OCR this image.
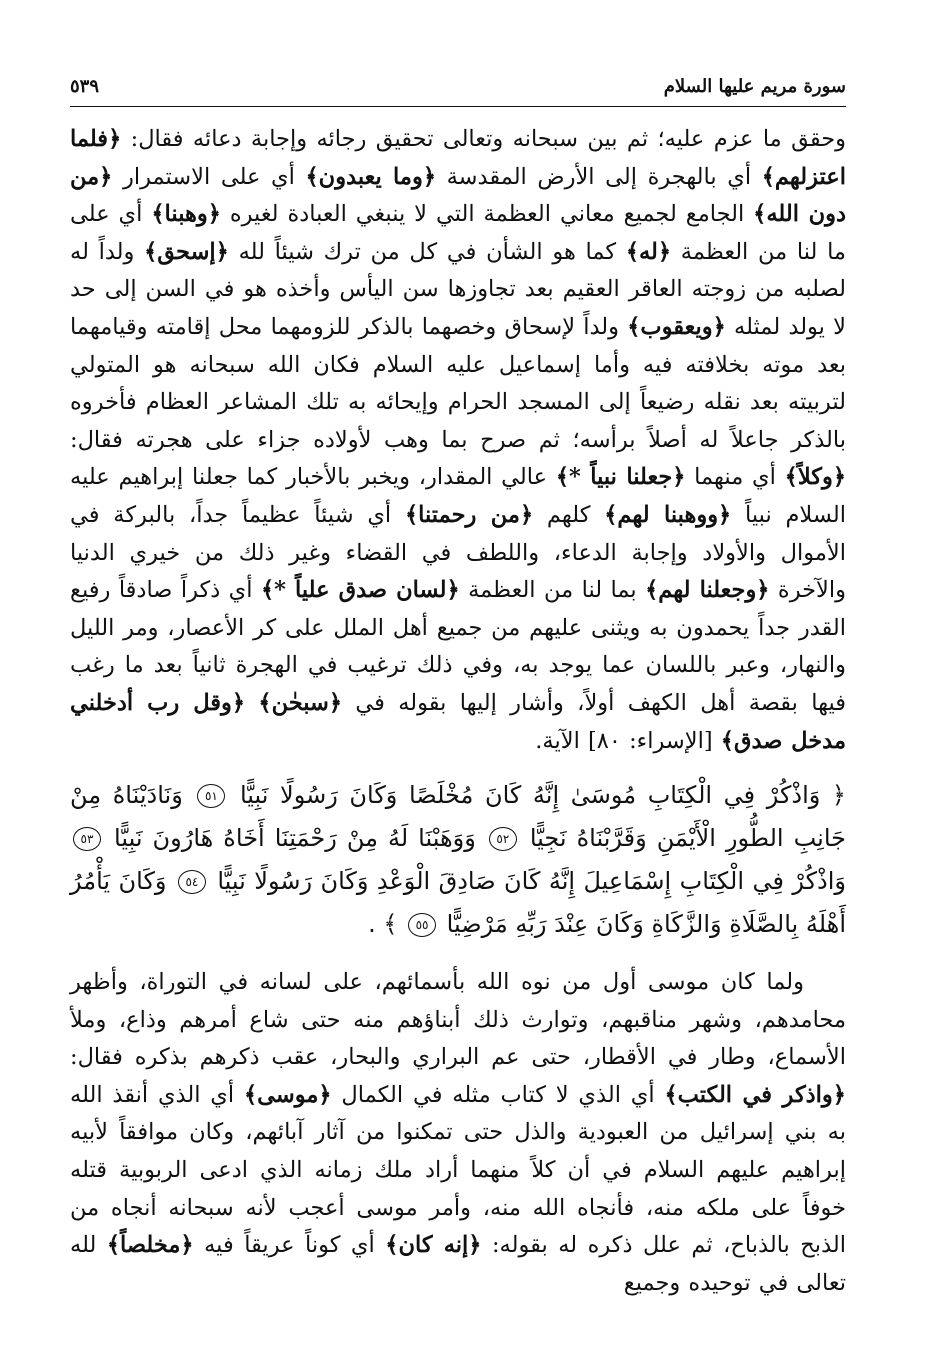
سورة مريم عليها السلام
٥٣٩

وحقق ما عزم عليه؛ ثم بين سبحانه وتعالى تحقيق رجائه وإجابة دعائه فقال: ﴿فلما اعتزلهم﴾ أي بالهجرة إلى الأرض المقدسة ﴿وما يعبدون﴾ أي على الاستمرار ﴿من دون الله﴾ الجامع لجميع معاني العظمة التي لا ينبغي العبادة لغيره ﴿وهبنا﴾ أي على ما لنا من العظمة ﴿له﴾ كما هو الشأن في كل من ترك شيئاً لله ﴿إسحق﴾ ولداً له لصلبه من زوجته العاقر العقيم بعد تجاوزها سن اليأس وأخذه هو في السن إلى حد لا يولد لمثله ﴿ويعقوب﴾ ولداً لإسحاق وخصهما بالذكر للزومهما محل إقامته وقيامهما بعد موته بخلافته فيه وأما إسماعيل عليه السلام فكان الله سبحانه هو المتولي لتربيته بعد نقله رضيعاً إلى المسجد الحرام وإيحائه به تلك المشاعر العظام فأخروه بالذكر جاعلاً له أصلاً برأسه؛ ثم صرح بما وهب لأولاده جزاء على هجرته فقال: ﴿وكلاً﴾ أي منهما ﴿جعلنا نبياً *﴾ عالي المقدار، ويخبر بالأخبار كما جعلنا إبراهيم عليه السلام نبياً ﴿ووهبنا لهم﴾ كلهم ﴿من رحمتنا﴾ أي شيئاً عظيماً جداً، بالبركة في الأموال والأولاد وإجابة الدعاء، واللطف في القضاء وغير ذلك من خيري الدنيا والآخرة ﴿وجعلنا لهم﴾ بما لنا من العظمة ﴿لسان صدق علياً *﴾ أي ذكراً صادقاً رفيع القدر جداً يحمدون به ويثنى عليهم من جميع أهل الملل على كر الأعصار، ومر الليل والنهار، وعبر باللسان عما يوجد به، وفي ذلك ترغيب في الهجرة ثانياً بعد ما رغب فيها بقصة أهل الكهف أولاً، وأشار إليها بقوله في ﴿سبحٰن﴾ ﴿وقل رب أدخلني مدخل صدق﴾ [الإسراء: ٨٠] الآية.

﴿ وَاذْكُرْ فِي الْكِتَابِ مُوسَىٰ إِنَّهُ كَانَ مُخْلَصًا وَكَانَ رَسُولًا نَبِيًّا ٥١ وَنَادَيْنَاهُ مِنْ جَانِبِ الطُّورِ الْأَيْمَنِ وَقَرَّبْنَاهُ نَجِيًّا ٥٢ وَوَهَبْنَا لَهُ مِنْ رَحْمَتِنَا أَخَاهُ هَارُونَ نَبِيًّا ٥٣ وَاذْكُرْ فِي الْكِتَابِ إِسْمَاعِيلَ إِنَّهُ كَانَ صَادِقَ الْوَعْدِ وَكَانَ رَسُولًا نَبِيًّا ٥٤ وَكَانَ يَأْمُرُ أَهْلَهُ بِالصَّلَاةِ وَالزَّكَاةِ وَكَانَ عِنْدَ رَبِّهِ مَرْضِيًّا ٥٥ ﴾ .

ولما كان موسى أول من نوه الله بأسمائهم، على لسانه في التوراة، وأظهر محامدهم، وشهر مناقبهم، وتوارث ذلك أبناؤهم منه حتى شاع أمرهم وذاع، وملأ الأسماع، وطار في الأقطار، حتى عم البراري والبحار، عقب ذكرهم بذكره فقال: ﴿واذكر في الكتب﴾ أي الذي لا كتاب مثله في الكمال ﴿موسى﴾ أي الذي أنقذ الله به بني إسرائيل من العبودية والذل حتى تمكنوا من آثار آبائهم، وكان موافقاً لأبيه إبراهيم عليهم السلام في أن كلاً منهما أراد ملك زمانه الذي ادعى الربوبية قتله خوفاً على ملكه منه، فأنجاه الله منه، وأمر موسى أعجب لأنه سبحانه أنجاه من الذبح بالذباح، ثم علل ذكره له بقوله: ﴿إنه كان﴾ أي كوناً عريقاً فيه ﴿مخلصاً﴾ لله تعالى في توحيده وجميع
